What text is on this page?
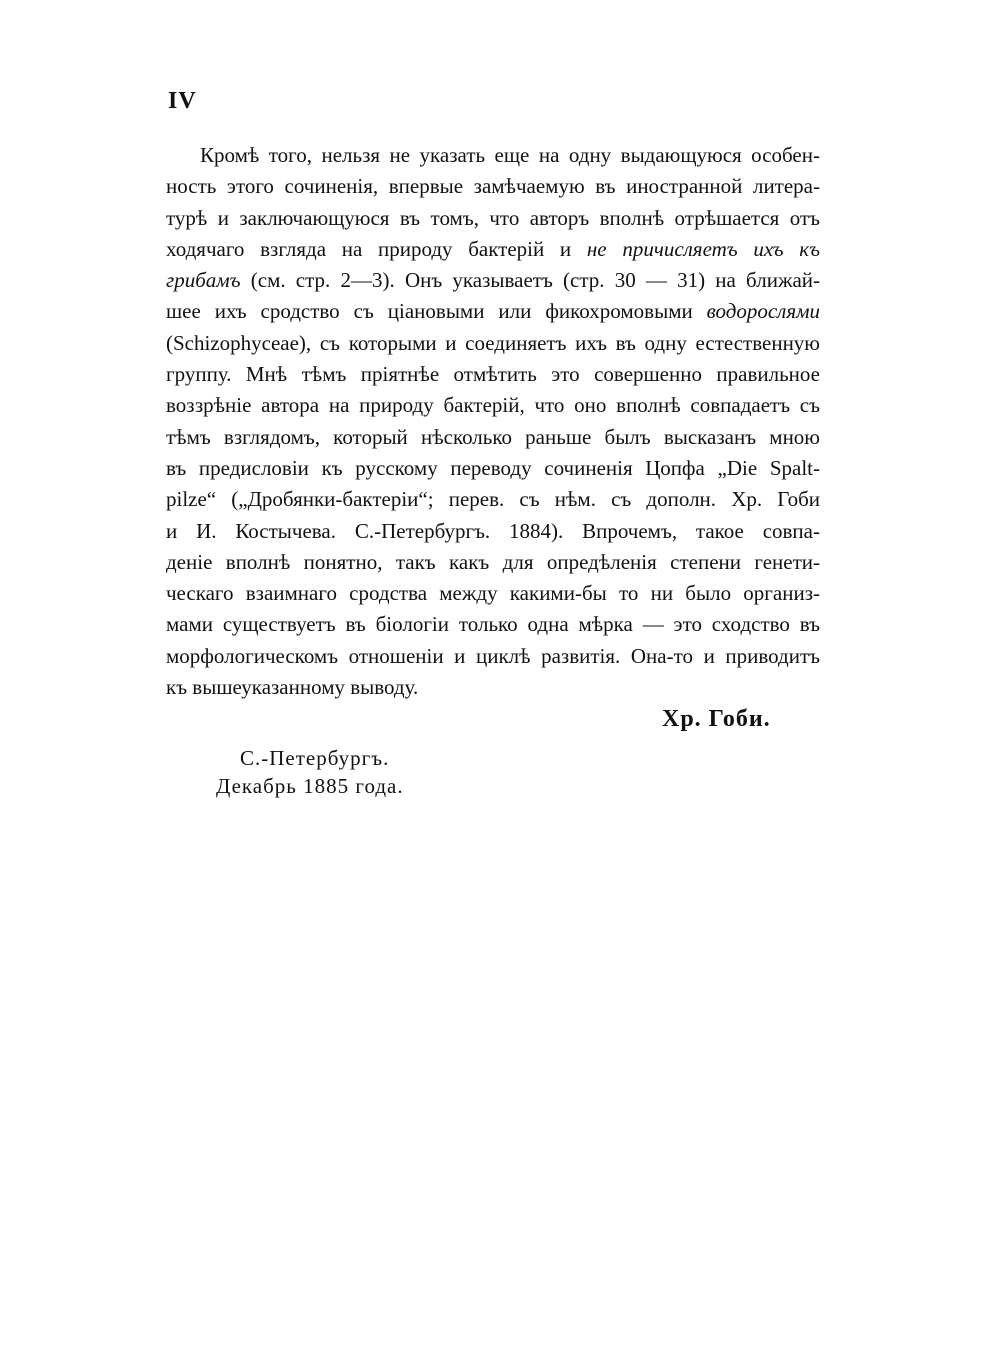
IV
Кромѣ того, нельзя не указать еще на одну выдающуюся особен-
ность этого сочиненія, впервые замѣчаемую въ иностранной литера-
турѣ и заключающуюся въ томъ, что авторъ вполнѣ отрѣшается отъ
ходячаго взгляда на природу бактерій и не причисляетъ ихъ къ
грибамъ (см. стр. 2—3). Онъ указываетъ (стр. 30 — 31) на ближай-
шее ихъ сродство съ ціановыми или фикохромовыми водорослями
(Schizophyceae), съ которыми и соединяетъ ихъ въ одну естественную
группу. Мнѣ тѣмъ пріятнѣе отмѣтить это совершенно правильное
воззрѣніе автора на природу бактерій, что оно вполнѣ совпадаетъ съ
тѣмъ взглядомъ, который нѣсколько раньше былъ высказанъ мною
въ предисловіи къ русскому переводу сочиненія Цопфа „Die Spalt-
pilze“ („Дробянки-бактеріи“; перев. съ нѣм. съ дополн. Хр. Гоби
и И. Костычева. С.-Петербургъ. 1884). Впрочемъ, такое совпа-
деніе вполнѣ понятно, такъ какъ для опредѣленія степени генети-
ческаго взаимнаго сродства между какими-бы то ни было организ-
мами существуетъ въ біологіи только одна мѣрка — это сходство въ
морфологическомъ отношеніи и циклѣ развитія. Она-то и приводитъ
къ вышеуказанному выводу.
Хр. Гоби.
С.-Петербургъ.
Декабрь 1885 года.
